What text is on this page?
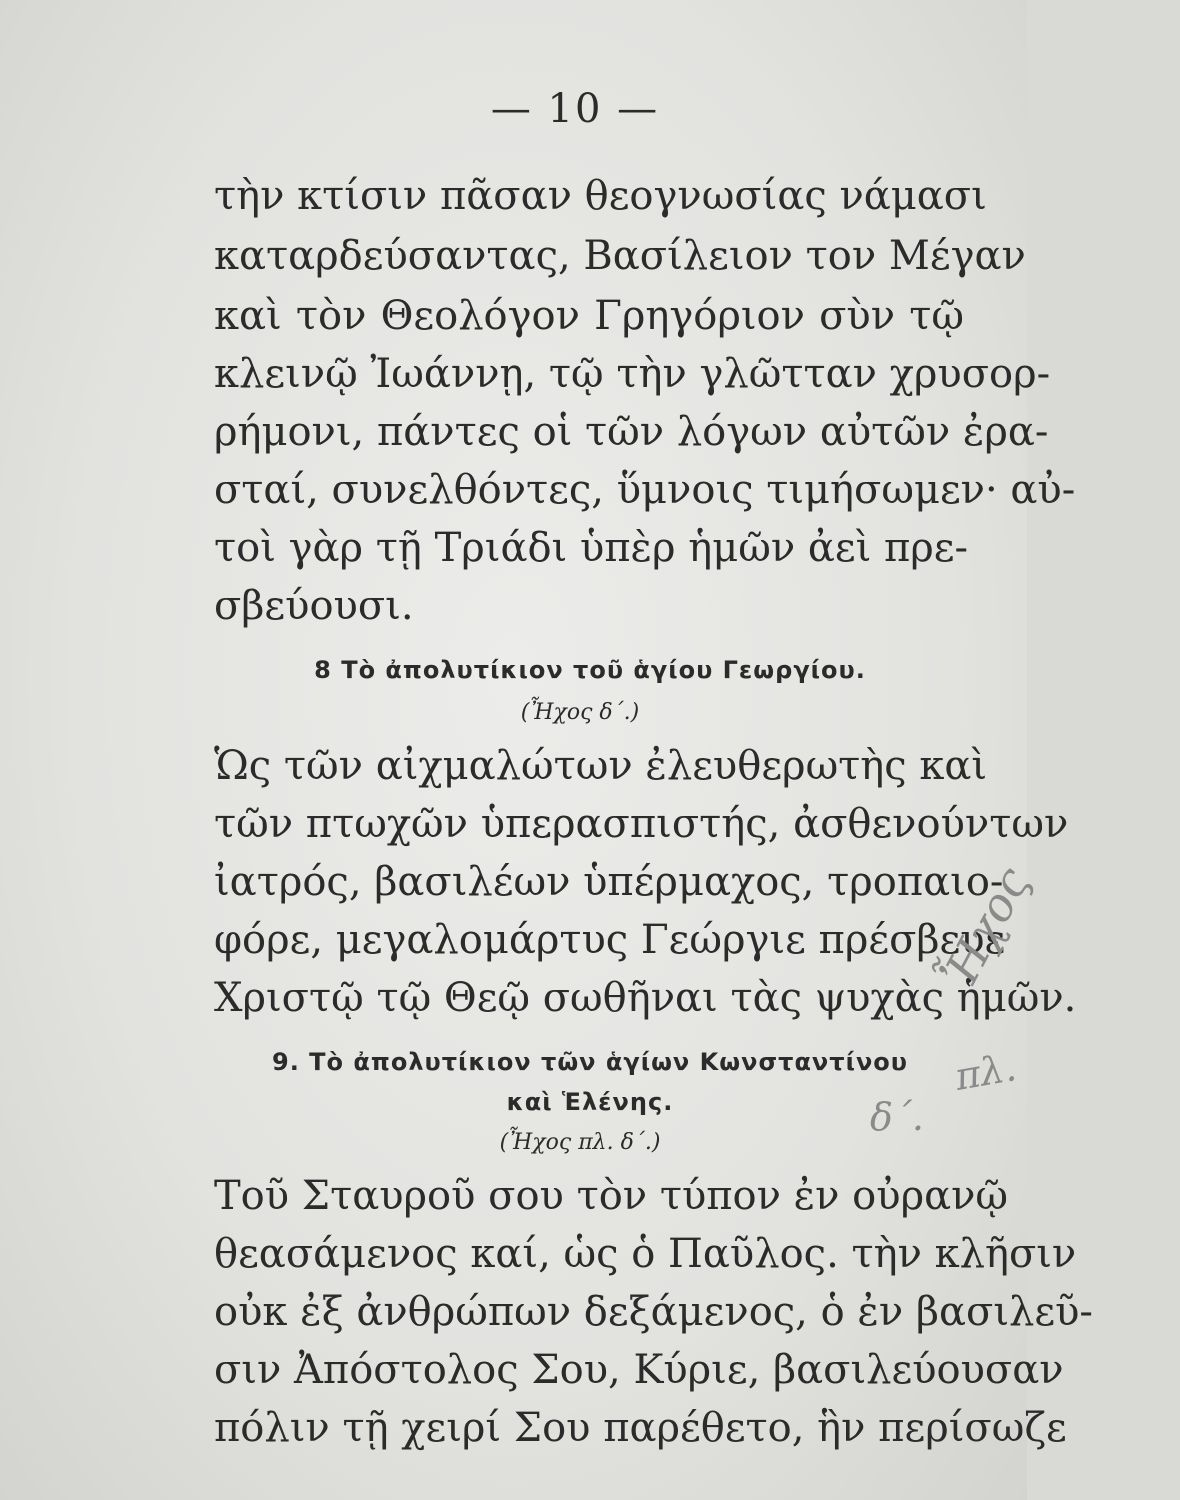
— 10 —
τὴν κτίσιν πᾶσαν θεογνωσίας νάμασι
καταρδεύσαντας, Βασίλειον τον Μέγαν
καὶ τὸν Θεολόγον Γρηγόριον σὺν τῷ
κλεινῷ Ἰωάννῃ, τῷ τὴν γλῶτταν χρυσορ-
ρήμονι, πάντες οἱ τῶν λόγων αὐτῶν ἐρα-
σταί, συνελθόντες, ὕμνοις τιμήσωμεν· αὐ-
τοὶ γὰρ τῇ Τριάδι ὑπὲρ ἡμῶν ἀεὶ πρε-
σβεύουσι.
8 Τὸ ἀπολυτίκιον τοῦ ἁγίου Γεωργίου.
(Ἦχος δ΄.)
Ὡς τῶν αἰχμαλώτων ἐλευθερωτὴς καὶ
τῶν πτωχῶν ὑπερασπιστής, ἀσθενούντων
ἰατρός, βασιλέων ὑπέρμαχος, τροπαιο-
φόρε, μεγαλομάρτυς Γεώργιε πρέσβευε
Χριστῷ τῷ Θεῷ σωθῆναι τὰς ψυχὰς ἡμῶν.
9. Τὸ ἀπολυτίκιον τῶν ἁγίων Κωνσταντίνου
καὶ Ἑλένης.
(Ἦχος πλ. δ΄.)
Τοῦ Σταυροῦ σου τὸν τύπον ἐν οὐρανῷ
θεασάμενος καί, ὡς ὁ Παῦλος. τὴν κλῆσιν
οὐκ ἐξ ἀνθρώπων δεξάμενος, ὁ ἐν βασιλεῦ-
σιν Ἀπόστολος Σου, Κύριε, βασιλεύουσαν
πόλιν τῇ χειρί Σου παρέθετο, ἣν περίσωζε
Ἦχος
πλ.
δ΄.
